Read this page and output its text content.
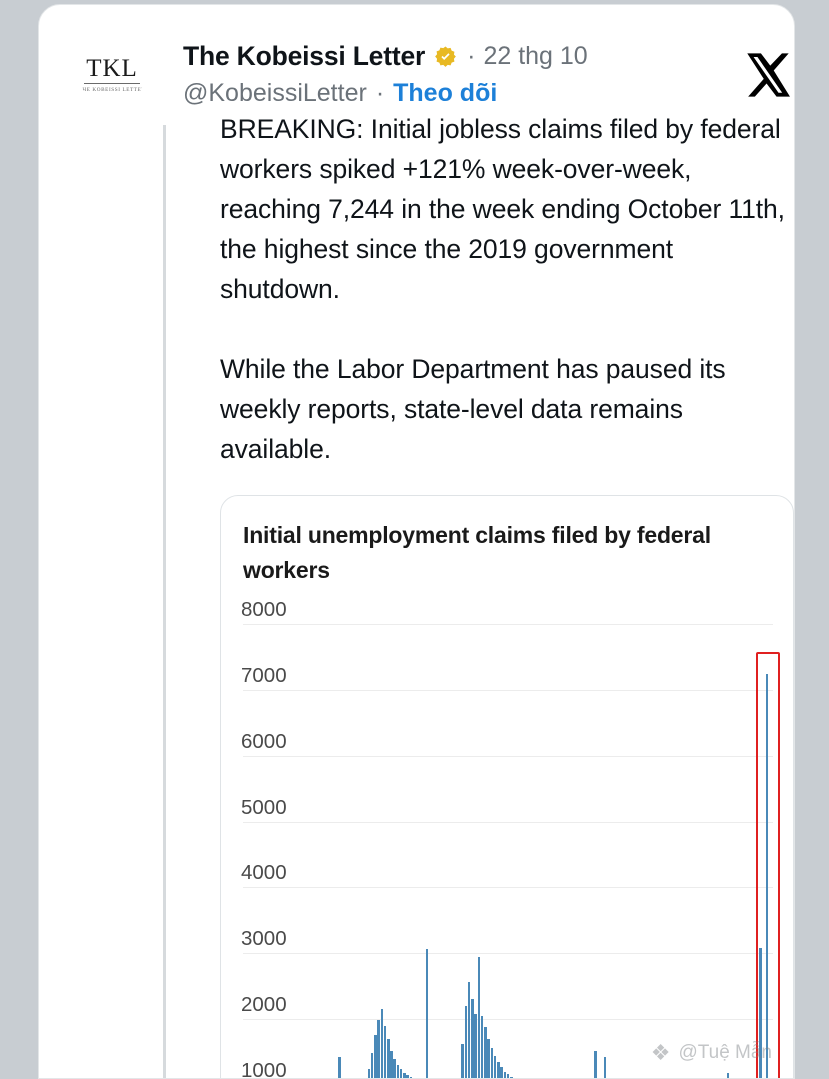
TKL
THE KOBEISSI LETTER
The Kobeissi Letter · 22 thg 10
@KobeissiLetter · Theo dõi

BREAKING: Initial jobless claims filed by federal workers spiked +121% week-over-week, reaching 7,244 in the week ending October 11th, the highest since the 2019 government shutdown.

While the Labor Department has paused its weekly reports, state-level data remains available.

Initial unemployment claims filed by federal workers
8000
7000
6000
5000
4000
3000
2000
1000
❖ @Tuệ Mẫn
